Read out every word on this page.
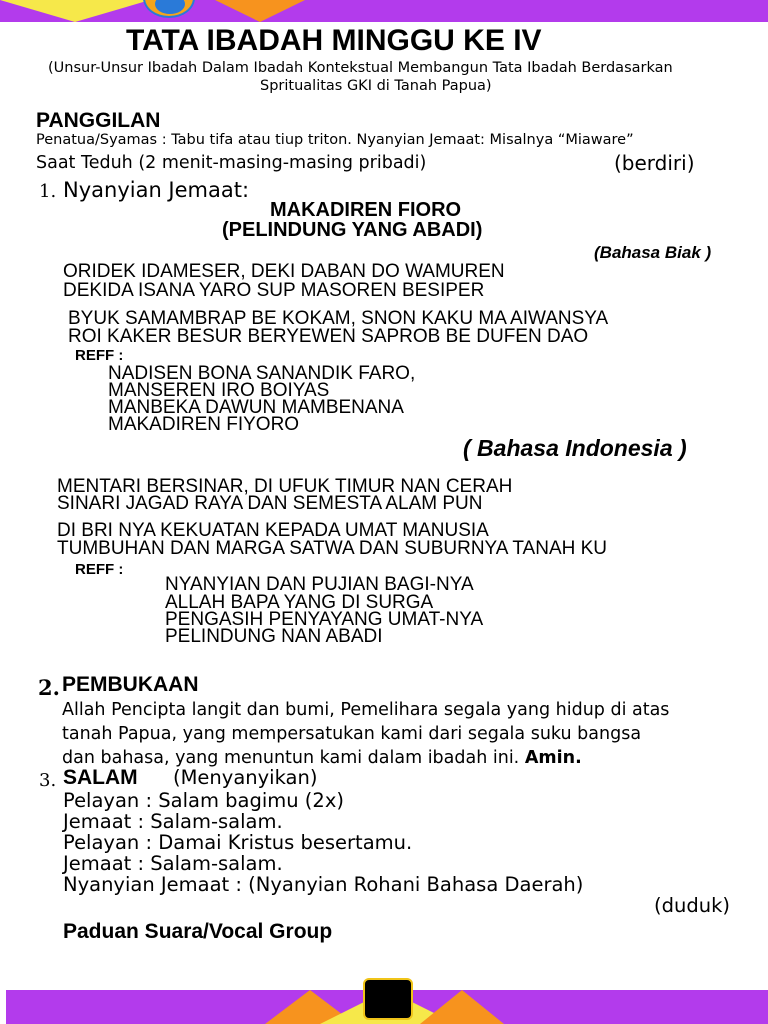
TATA IBADAH MINGGU KE IV
(Unsur-Unsur Ibadah Dalam Ibadah Kontekstual Membangun Tata Ibadah Berdasarkan
Spritualitas GKI di Tanah Papua)
PANGGILAN
Penatua/Syamas : Tabu tifa atau tiup triton. Nyanyian Jemaat: Misalnya “Miaware”
Saat Teduh (2 menit-masing-masing pribadi)	(berdiri)
1. Nyanyian Jemaat:
MAKADIREN FIORO
(PELINDUNG YANG ABADI)
(Bahasa Biak )
ORIDEK IDAMESER, DEKI DABAN DO WAMUREN
DEKIDA ISANA YARO SUP MASOREN BESIPER
BYUK SAMAMBRAP BE KOKAM, SNON KAKU MA AIWANSYA
ROI KAKER BESUR BERYEWEN SAPROB BE DUFEN DAO
REFF :
NADISEN BONA SANANDIK FARO,
MANSEREN IRO BOIYAS
MANBEKA DAWUN MAMBENANA
MAKADIREN FIYORO
( Bahasa Indonesia )
MENTARI BERSINAR, DI UFUK TIMUR NAN CERAH
SINARI JAGAD RAYA DAN SEMESTA ALAM PUN
DI BRI NYA KEKUATAN KEPADA UMAT MANUSIA
TUMBUHAN DAN MARGA SATWA DAN SUBURNYA TANAH KU
REFF :
NYANYIAN DAN PUJIAN BAGI-NYA
ALLAH BAPA YANG DI SURGA
PENGASIH PENYAYANG UMAT-NYA
PELINDUNG NAN ABADI
2. PEMBUKAAN
Allah Pencipta langit dan bumi, Pemelihara segala yang hidup di atas
tanah Papua, yang mempersatukan kami dari segala suku bangsa
dan bahasa, yang menuntun kami dalam ibadah ini. Amin.
3. SALAM (Menyanyikan)
Pelayan : Salam bagimu (2x)
Jemaat : Salam-salam.
Pelayan : Damai Kristus besertamu.
Jemaat : Salam-salam.
Nyanyian Jemaat : (Nyanyian Rohani Bahasa Daerah)
(duduk)
Paduan Suara/Vocal Group
